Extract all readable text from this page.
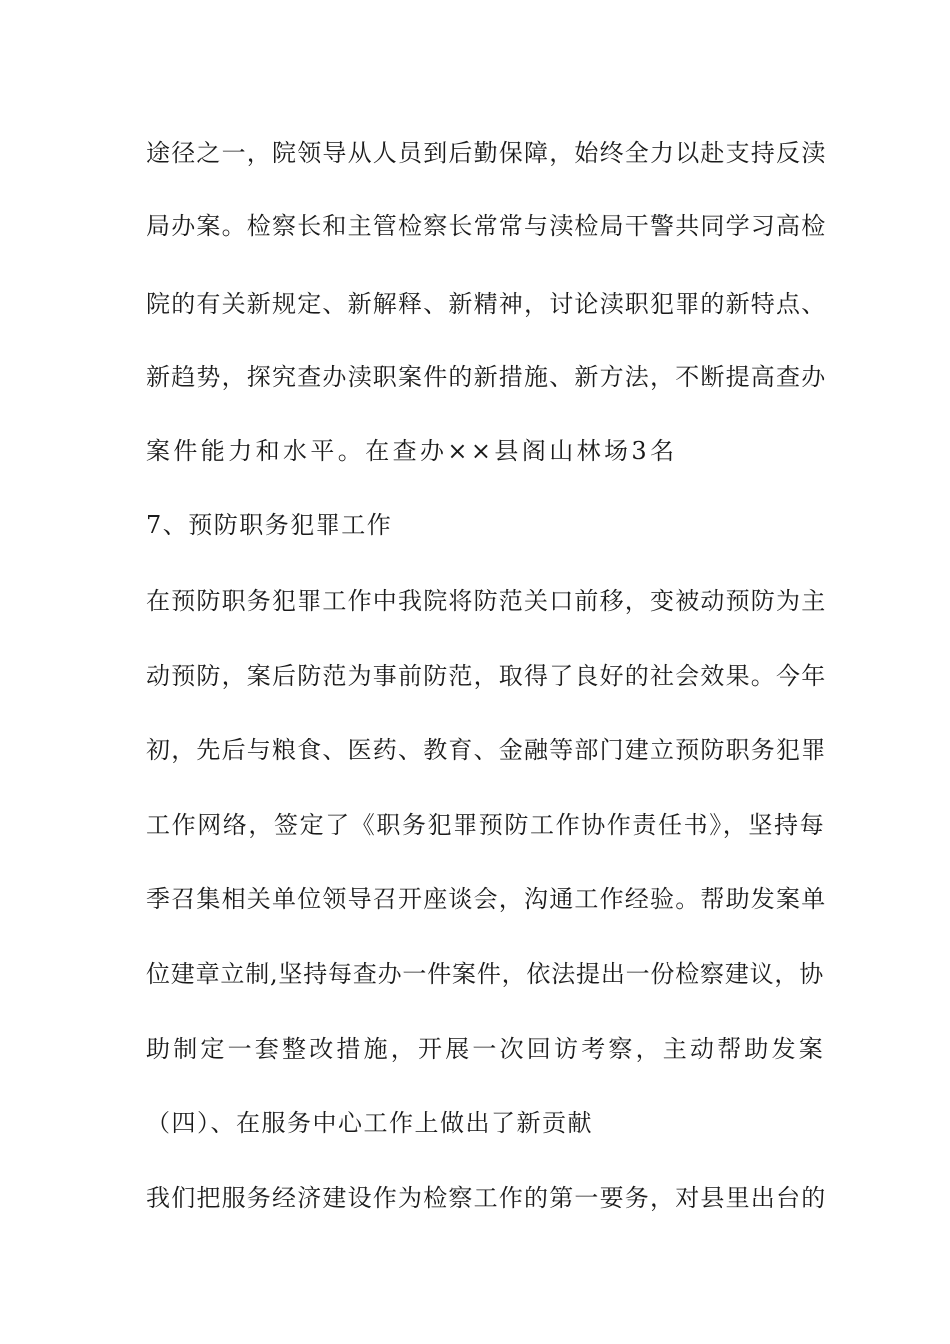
途径之一，院领导从人员到后勤保障，始终全力以赴支持反渎
局办案。检察长和主管检察长常常与渎检局干警共同学习高检
院的有关新规定、新解释、新精神，讨论渎职犯罪的新特点、
新趋势，探究查办渎职案件的新措施、新方法，不断提高查办
案件能力和水平。在查办××县阁山林场3名
7、预防职务犯罪工作
在预防职务犯罪工作中我院将防范关口前移，变被动预防为主
动预防，案后防范为事前防范，取得了良好的社会效果。今年
初，先后与粮食、医药、教育、金融等部门建立预防职务犯罪
工作网络，签定了《职务犯罪预防工作协作责任书》，坚持每
季召集相关单位领导召开座谈会，沟通工作经验。帮助发案单
位建章立制,坚持每查办一件案件，依法提出一份检察建议，协
助制定一套整改措施，开展一次回访考察，主动帮助发案
（四）、在服务中心工作上做出了新贡献
我们把服务经济建设作为检察工作的第一要务，对县里出台的
